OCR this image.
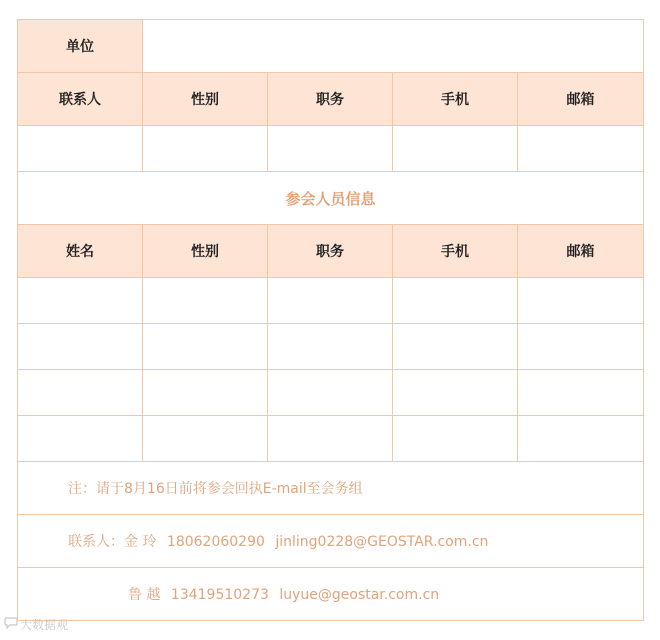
单位				
联系人	性别	职务	手机	邮箱

参会人员信息				
姓名	性别	职务	手机	邮箱

注：请于8月16日前将参会回执E-mail至会务组				
联系人：金 玲 18062060290 jinling0228@GEOSTAR.com.cn				
鲁 越 13419510273 luyue@geostar.com.cn				
大数据观
